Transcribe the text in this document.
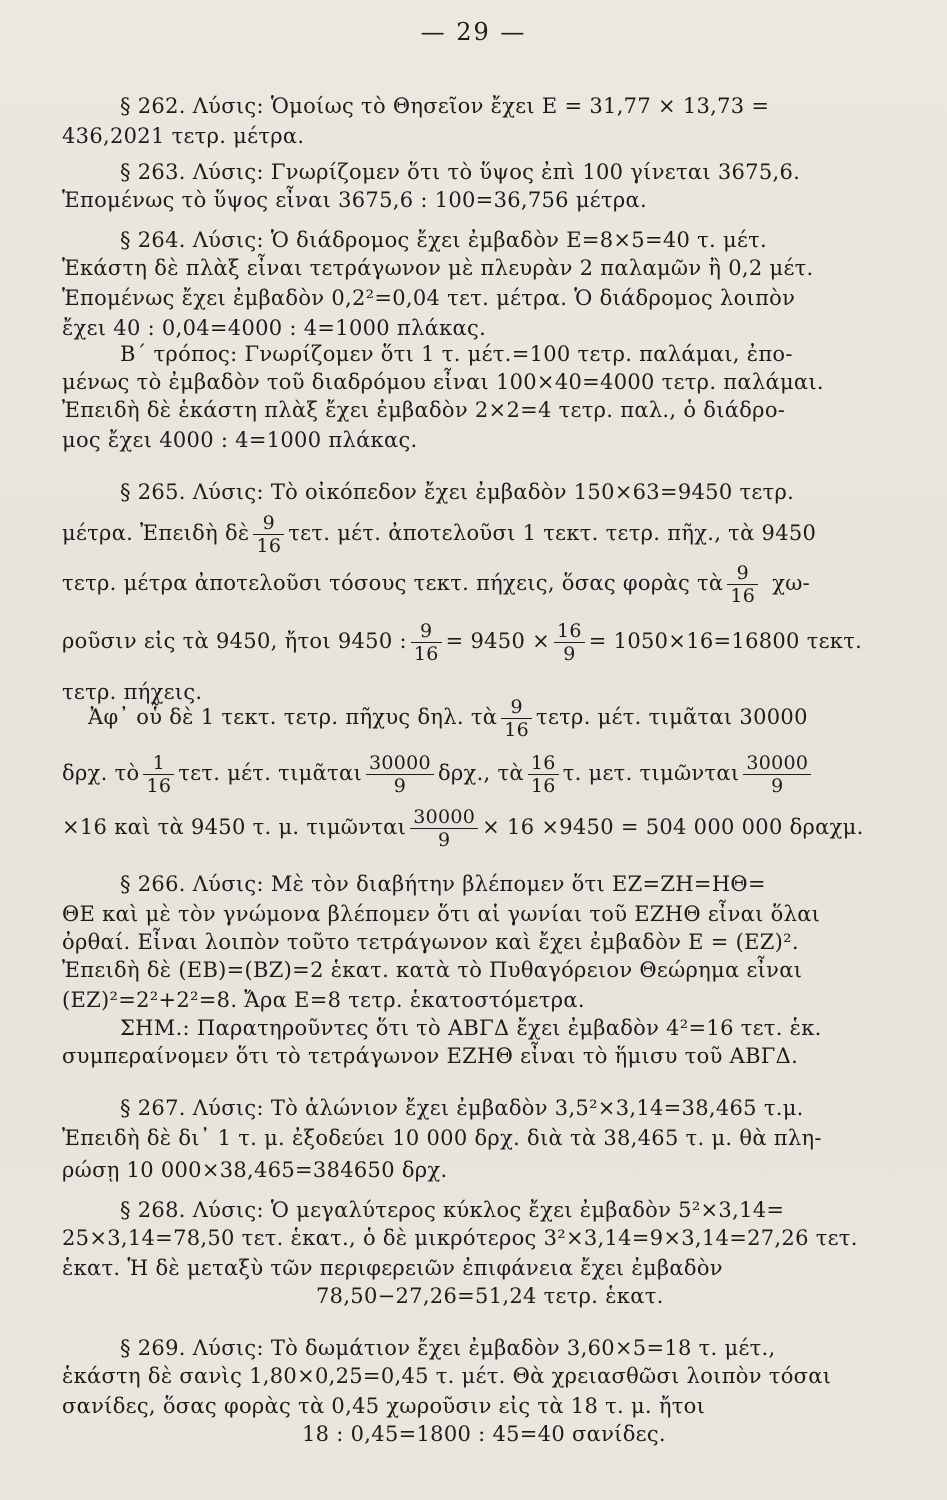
— 29 —
§ 262. Λύσις: Ὁμοίως τὸ Θησεῖον ἔχει Ε = 31,77 × 13,73 =
436,2021 τετρ. μέτρα.
§ 263. Λύσις: Γνωρίζομεν ὅτι τὸ ὕψος ἐπὶ 100 γίνεται 3675,6.
Ἑπομένως τὸ ὕψος εἶναι 3675,6 : 100=36,756 μέτρα.
§ 264. Λύσις: Ὁ διάδρομος ἔχει ἐμβαδὸν Ε=8×5=40 τ. μέτ.
Ἑκάστη δὲ πλὰξ εἶναι τετράγωνον μὲ πλευρὰν 2 παλαμῶν ἢ 0,2 μέτ.
Ἑπομένως ἔχει ἐμβαδὸν 0,2²=0,04 τετ. μέτρα. Ὁ διάδρομος λοιπὸν
ἔχει 40 : 0,04=4000 : 4=1000 πλάκας.
Β΄ τρόπος: Γνωρίζομεν ὅτι 1 τ. μέτ.=100 τετρ. παλάμαι, ἐπο-
μένως τὸ ἐμβαδὸν τοῦ διαδρόμου εἶναι 100×40=4000 τετρ. παλάμαι.
Ἐπειδὴ δὲ ἑκάστη πλὰξ ἔχει ἐμβαδὸν 2×2=4 τετρ. παλ., ὁ διάδρο-
μος ἔχει 4000 : 4=1000 πλάκας.
§ 265. Λύσις: Τὸ οἰκόπεδον ἔχει ἐμβαδὸν 150×63=9450 τετρ.
μέτρα. Ἐπειδὴ δὲ $\frac{9}{16} \tau\varepsilon\tau$. μέτ. ἀποτελοῦσι 1 τεκτ. τετρ. πῆχ., τὰ 9450
τετρ. μέτρα ἀποτελοῦσι τόσους τεκτ. πήχεις, ὅσας φορὰς τὰ $\frac{9}{16} \chi\omega-$
ροῦσιν εἰς τὰ 9450, ἤτοι 9450 : $\frac{9}{16} = 9450 \times \frac{16}{9} = 1050\times 16=16800$ τεκτ.
τετρ. πήχεις.
Ἀφ᾿ οὗ δὲ 1 τεκτ. τετρ. πῆχυς δηλ. τὰ $\frac{9}{16} \tau\varepsilon\tau\rho$. μέτ. τιμᾶται 30000
δρχ. τὸ $\frac{1}{16} \tau\varepsilon\tau$. μέτ. τιμᾶται $\frac{30000}{9} \delta\rho\chi$., τὰ $\frac{16}{16} \tau$. μετ. τιμῶνται $\frac{30000}{9}$
×16 καὶ τὰ 9450 τ. μ. τιμῶνται $\frac{30000}{9} \times 16 \times 9450 = 504$ 000 000 δραχμ.
§ 266. Λύσις: Μὲ τὸν διαβήτην βλέπομεν ὅτι ΕΖ=ΖΗ=ΗΘ=
ΘΕ καὶ μὲ τὸν γνώμονα βλέπομεν ὅτι αἱ γωνίαι τοῦ ΕΖΗΘ εἶναι ὅλαι
ὀρθαί. Εἶναι λοιπὸν τοῦτο τετράγωνον καὶ ἔχει ἐμβαδὸν Ε = (ΕΖ)².
Ἐπειδὴ δὲ (ΕΒ)=(ΒΖ)=2 ἑκατ. κατὰ τὸ Πυθαγόρειον Θεώρημα εἶναι
(ΕΖ)²=2²+2²=8. Ἄρα Ε=8 τετρ. ἑκατοστόμετρα.
ΣΗΜ.: Παρατηροῦντες ὅτι τὸ ΑΒΓΔ ἔχει ἐμβαδὸν 4²=16 τετ. ἑκ.
συμπεραίνομεν ὅτι τὸ τετράγωνον ΕΖΗΘ εἶναι τὸ ἥμισυ τοῦ ΑΒΓΔ.
§ 267. Λύσις: Τὸ ἁλώνιον ἔχει ἐμβαδὸν 3,5²×3,14=38,465 τ.μ.
Ἐπειδὴ δὲ δι᾿ 1 τ. μ. ἐξοδεύει 10 000 δρχ. διὰ τὰ 38,465 τ. μ. θὰ πλη-
ρώσῃ 10 000×38,465=384650 δρχ.
§ 268. Λύσις: Ὁ μεγαλύτερος κύκλος ἔχει ἐμβαδὸν 5²×3,14=
25×3,14=78,50 τετ. ἑκατ., ὁ δὲ μικρότερος 3²×3,14=9×3,14=27,26 τετ.
ἑκατ. Ἡ δὲ μεταξὺ τῶν περιφερειῶν ἐπιφάνεια ἔχει ἐμβαδὸν
78,50−27,26=51,24 τετρ. ἑκατ.
§ 269. Λύσις: Τὸ δωμάτιον ἔχει ἐμβαδὸν 3,60×5=18 τ. μέτ.,
ἑκάστη δὲ σανὶς 1,80×0,25=0,45 τ. μέτ. Θὰ χρειασθῶσι λοιπὸν τόσαι
σανίδες, ὅσας φορὰς τὰ 0,45 χωροῦσιν εἰς τὰ 18 τ. μ. ἤτοι
18 : 0,45=1800 : 45=40 σανίδες.
